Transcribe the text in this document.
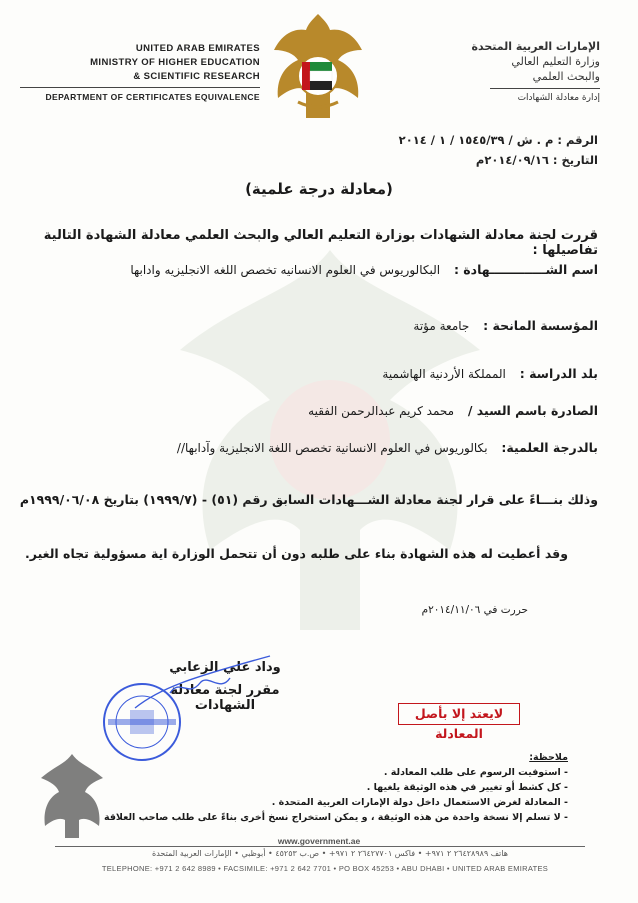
UNITED ARAB EMIRATES
MINISTRY OF HIGHER EDUCATION
& SCIENTIFIC RESEARCH
DEPARTMENT OF CERTIFICATES EQUIVALENCE
الإمارات العربية المتحدة
وزارة التعليم العالي
والبحث العلمي
إدارة معادلة الشهادات
الرقم : م . ش / ١٥٤٥/٣٩ / ١ / ٢٠١٤
التاريخ : ٢٠١٤/٠٩/١٦م
(معادلة درجة علمية)
قررت لجنة معادلة الشهادات بوزارة التعليم العالي والبحث العلمي معادلة الشهادة التالية تفاصيلها :
اسم الشـــــــــــــهادة : البكالوريوس في العلوم الانسانيه تخصص اللغه الانجليزيه وادابها
المؤسسة المانحة : جامعة مؤتة
بلد الدراسة : المملكة الأردنية الهاشمية
الصادرة باسم السيد / محمد كريم عبدالرحمن الفقيه
بالدرجة العلمية: بكالوريوس في العلوم الانسانية تخصص اللغة الانجليزية وآدابها//
وذلك بنـــاءً على قرار لجنة معادلة الشـــهادات السابق رقم (٥١) - (١٩٩٩/٧) بتاريخ ١٩٩٩/٠٦/٠٨م
وقد أعطيت له هذه الشهادة بناء على طلبه دون أن تتحمل الوزارة اية مسؤولية تجاه الغير.
حررت في ٢٠١٤/١١/٠٦م
وداد علي الزعابي
مقرر لجنة معادلة الشهادات
لايعتد إلا بأصل المعادلة
ملاحظة:
- استوفيت الرسوم على طلب المعادلة .
- كل كشط أو تغيير في هذه الوثيقة يلغيها .
- المعادلة لغرض الاستعمال داخل دولة الإمارات العربية المتحدة .
- لا تسلم إلا نسخة واحدة من هذه الوثيقة ، و يمكن استخراج نسخ أخرى بناءً على طلب صاحب العلاقة
www.government.ae
هاتف ٢٦٤٢٨٩٨٩ ٢ ٩٧١+ • فاكس ٢٦٤٢٧٧٠١ ٢ ٩٧١+ • ص.ب ٤٥٢٥٣ • أبوظبي • الإمارات العربية المتحدة
TELEPHONE: +971 2 642 8989 • FACSIMILE: +971 2 642 7701 • PO BOX 45253 • ABU DHABI • UNITED ARAB EMIRATES
